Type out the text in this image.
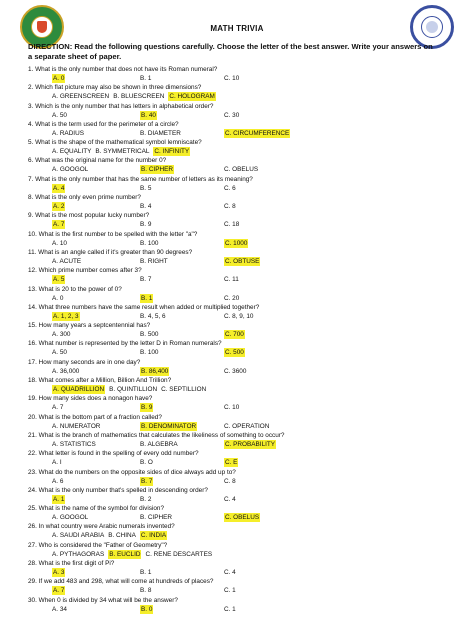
MATH TRIVIA
DIRECTION: Read the following questions carefully. Choose the letter of the best answer. Write your answers on a separate sheet of paper.
1. What is the only number that does not have its Roman numeral?
A. 0	B. 1	C. 10
2. Which flat picture may also be shown in three dimensions?
A. GREENSCREEN B. BLUESCREEN C. HOLOGRAM
3. Which is the only number that has letters in alphabetical order?
A. 50	B. 40	C. 30
4. What is the term used for the perimeter of a circle?
A. RADIUS	B. DIAMETER	C. CIRCUMFERENCE
5. What is the shape of the mathematical symbol lemniscate?
A. EQUALITY B. SYMMETRICAL C. INFINITY
6. What was the original name for the number 0?
A. GOOGOL	B. CIPHER	C. OBELUS
7. What is the only number that has the same number of letters as its meaning?
A. 4	B. 5	C. 6
8. What is the only even prime number?
A. 2	B. 4	C. 8
9. What is the most popular lucky number?
A. 7	B. 9	C. 18
10. What is the first number to be spelled with the letter "a"?
A. 10	B. 100	C. 1000
11. What is an angle called if it's greater than 90 degrees?
A. ACUTE	B. RIGHT	C. OBTUSE
12. Which prime number comes after 3?
A. 5	B. 7	C. 11
13. What is 20 to the power of 0?
A. 0	B. 1	C. 20
14. What three numbers have the same result when added or multiplied together?
A. 1, 2, 3	B. 4, 5, 6	C. 8, 9, 10
15. How many years a septcentennial has?
A. 300	B. 500	C. 700
16. What number is represented by the letter D in Roman numerals?
A. 50	B. 100	C. 500
17. How many seconds are in one day?
A. 36,000	B. 86,400	C. 3600
18. What comes after a Million, Billion And Trillion?
A. QUADRILLION B. QUINTILLION C. SEPTILLION
19. How many sides does a nonagon have?
A. 7	B. 9	C. 10
20. What is the bottom part of a fraction called?
A. NUMERATOR	B. DENOMINATOR	C. OPERATION
21. What is the branch of mathematics that calculates the likeliness of something to occur?
A. STATISTICS	B. ALGEBRA	C. PROBABILITY
22. What letter is found in the spelling of every odd number?
A. I	B. O	C. E
23. What do the numbers on the opposite sides of dice always add up to?
A. 6	B. 7	C. 8
24. What is the only number that's spelled in descending order?
A. 1	B. 2	C. 4
25. What is the name of the symbol for division?
A. GOOGOL	B. CIPHER	C. OBELUS
26. In what country were Arabic numerals invented?
A. SAUDI ARABIA B. CHINA C. INDIA
27. Who is considered the "Father of Geometry"?
A. PYTHAGORAS B. EUCLID C. RENE DESCARTES
28. What is the first digit of Pi?
A. 3	B. 1	C. 4
29. If we add 483 and 298, what will come at hundreds of places?
A. 7	B. 8	C. 1
30. When 0 is divided by 34 what will be the answer?
A. 34	B. 0	C. 1
